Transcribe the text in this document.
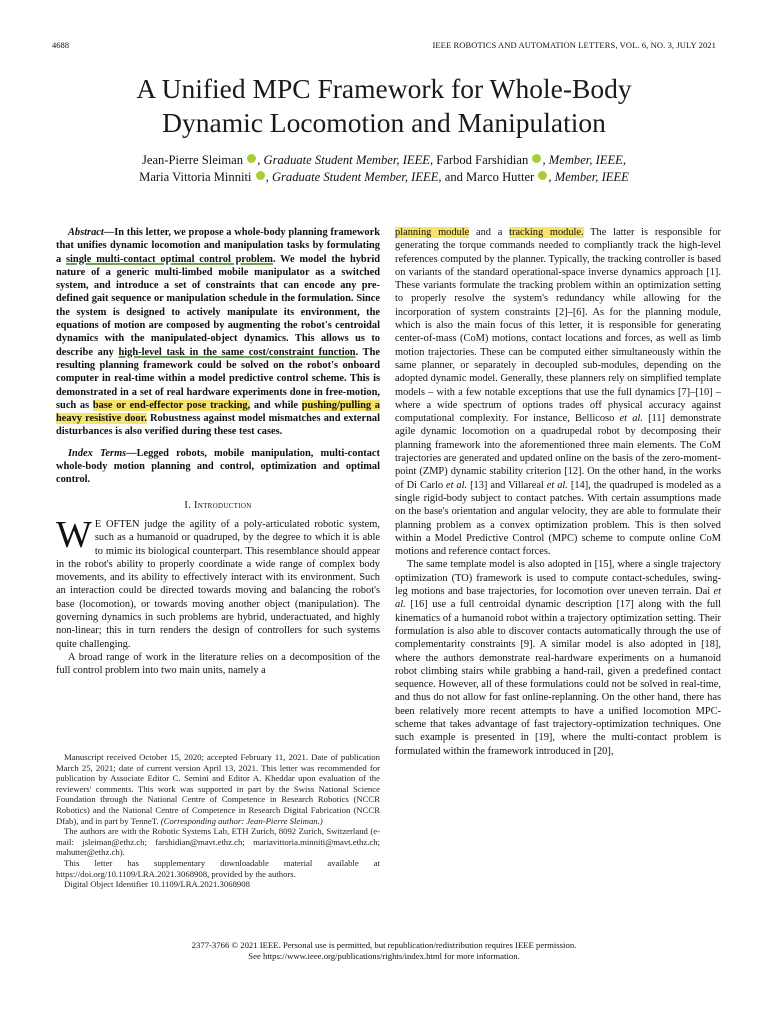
4688	IEEE ROBOTICS AND AUTOMATION LETTERS, VOL. 6, NO. 3, JULY 2021
A Unified MPC Framework for Whole-Body
Dynamic Locomotion and Manipulation
Jean-Pierre Sleiman , Graduate Student Member, IEEE, Farbod Farshidian , Member, IEEE,
Maria Vittoria Minniti , Graduate Student Member, IEEE, and Marco Hutter , Member, IEEE

Abstract—In this letter, we propose a whole-body planning framework that unifies dynamic locomotion and manipulation tasks by formulating a single multi-contact optimal control problem. We model the hybrid nature of a generic multi-limbed mobile manipulator as a switched system, and introduce a set of constraints that can encode any pre-defined gait sequence or manipulation schedule in the formulation. Since the system is designed to actively manipulate its environment, the equations of motion are composed by augmenting the robot's centroidal dynamics with the manipulated-object dynamics. This allows us to describe any high-level task in the same cost/constraint function. The resulting planning framework could be solved on the robot's onboard computer in real-time within a model predictive control scheme. This is demonstrated in a set of real hardware experiments done in free-motion, such as base or end-effector pose tracking, and while pushing/pulling a heavy resistive door. Robustness against model mismatches and external disturbances is also verified during these test cases.

Index Terms—Legged robots, mobile manipulation, multi-contact whole-body motion planning and control, optimization and optimal control.

I. Introduction

W E OFTEN judge the agility of a poly-articulated robotic system, such as a humanoid or quadruped, by the degree to which it is able to mimic its biological counterpart. This resemblance should appear in the robot's ability to properly coordinate a wide range of complex body movements, and its ability to effectively interact with its environment. Such an interaction could be directed towards moving and balancing the robot's base (locomotion), or towards moving another object (manipulation). The governing dynamics in such problems are hybrid, underactuated, and highly non-linear; this in turn renders the design of controllers for such systems quite challenging.

A broad range of work in the literature relies on a decomposition of the full control problem into two main units, namely a

Manuscript received October 15, 2020; accepted February 11, 2021. Date of publication March 25, 2021; date of current version April 13, 2021. This letter was recommended for publication by Associate Editor C. Semini and Editor A. Kheddar upon evaluation of the reviewers' comments. This work was supported in part by the Swiss National Science Foundation through the National Centre of Competence in Research Robotics (NCCR Robotics) and the National Centre of Competence in Research Digital Fabrication (NCCR Dfab), and in part by TenneT. (Corresponding author: Jean-Pierre Sleiman.)

The authors are with the Robotic Systems Lab, ETH Zurich, 8092 Zurich, Switzerland (e-mail: jsleiman@ethz.ch; farshidian@mavt.ethz.ch; mariavittoria.minniti@mavt.ethz.ch; mahutter@ethz.ch).

This letter has supplementary downloadable material available at https://doi.org/10.1109/LRA.2021.3068908, provided by the authors.

Digital Object Identifier 10.1109/LRA.2021.3068908

planning module and a tracking module. The latter is responsible for generating the torque commands needed to compliantly track the high-level references computed by the planner. Typically, the tracking controller is based on variants of the standard operational-space inverse dynamics approach [1]. These variants formulate the tracking problem within an optimization setting to properly resolve the system's redundancy while allowing for the incorporation of system constraints [2]–[6]. As for the planning module, which is also the main focus of this letter, it is responsible for generating center-of-mass (CoM) motions, contact locations and forces, as well as limb motion trajectories. These can be computed either simultaneously within the same planner, or separately in decoupled sub-modules, depending on the adopted dynamic model. Generally, these planners rely on simplified template models – with a few notable exceptions that use the full dynamics [7]–[10] – where a wide spectrum of options trades off physical accuracy against computational complexity. For instance, Bellicoso et al. [11] demonstrate agile dynamic locomotion on a quadrupedal robot by decomposing their planning framework into the aforementioned three main elements. The CoM trajectories are generated and updated online on the basis of the zero-moment-point (ZMP) dynamic stability criterion [12]. On the other hand, in the works of Di Carlo et al. [13] and Villareal et al. [14], the quadruped is modeled as a single rigid-body subject to contact patches. With certain assumptions made on the base's orientation and angular velocity, they are able to formulate their planning problem as a convex optimization problem. This is then solved within a Model Predictive Control (MPC) scheme to compute online CoM motions and reference contact forces.

The same template model is also adopted in [15], where a single trajectory optimization (TO) framework is used to compute contact-schedules, swing-leg motions and base trajectories, for locomotion over uneven terrain. Dai et al. [16] use a full centroidal dynamic description [17] along with the full kinematics of a humanoid robot within a trajectory optimization setting. Their formulation is also able to discover contacts automatically through the use of complementarity constraints [9]. A similar model is also adopted in [18], where the authors demonstrate real-hardware experiments on a humanoid robot climbing stairs while grabbing a hand-rail, given a predefined contact sequence. However, all of these formulations could not be solved in real-time, and thus do not allow for fast online-replanning. On the other hand, there has been relatively more recent attempts to have a unified locomotion MPC-scheme that takes advantage of fast trajectory-optimization techniques. One such example is presented in [19], where the multi-contact problem is formulated within the framework introduced in [20],

2377-3766 © 2021 IEEE. Personal use is permitted, but republication/redistribution requires IEEE permission.
See https://www.ieee.org/publications/rights/index.html for more information.
